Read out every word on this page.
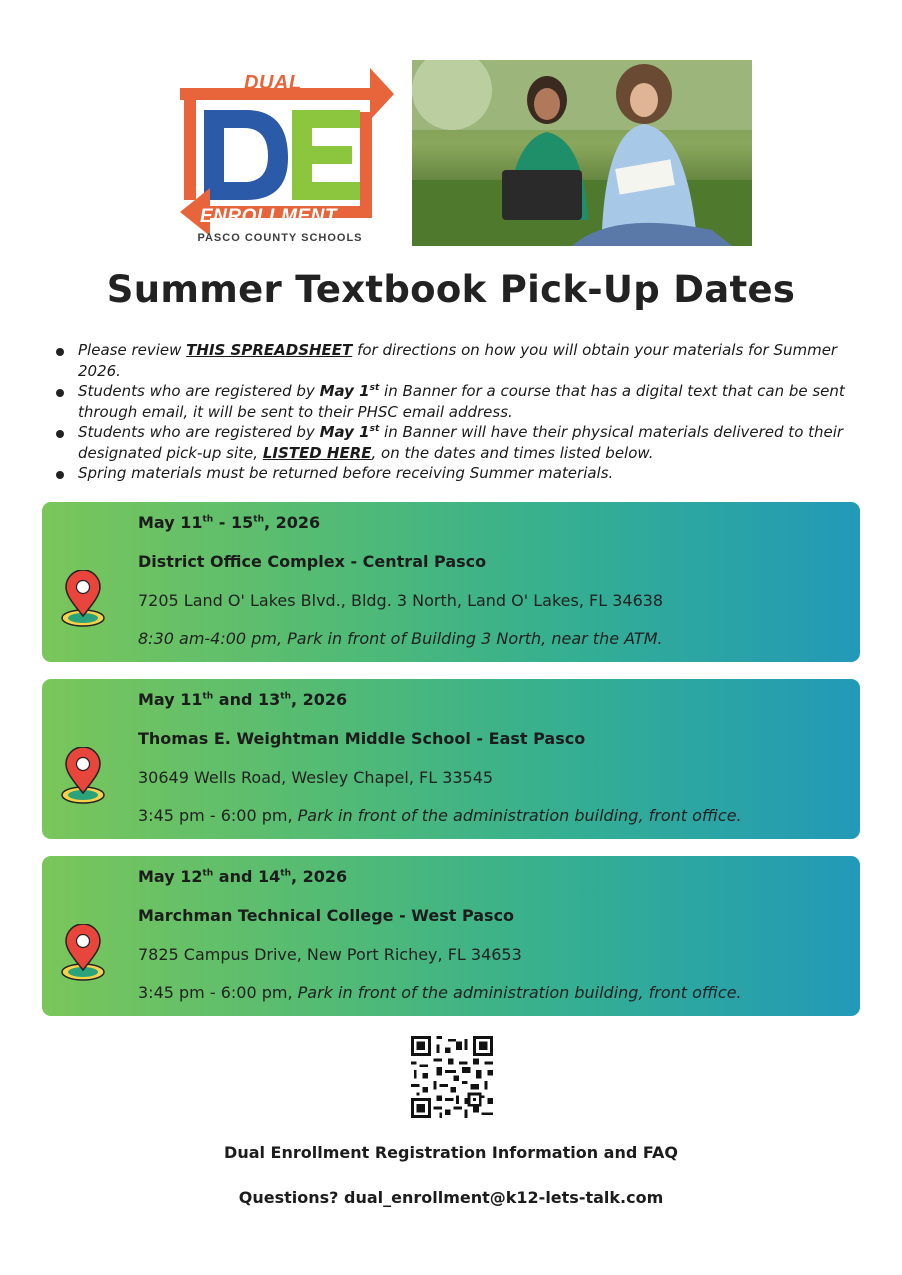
DUAL
ENROLLMENT
PASCO COUNTY SCHOOLS
Summer Textbook Pick-Up Dates
Please review THIS SPREADSHEET for directions on how you will obtain your materials for Summer 2026.
Students who are registered by May 1st in Banner for a course that has a digital text that can be sent through email, it will be sent to their PHSC email address.
Students who are registered by May 1st in Banner will have their physical materials delivered to their designated pick-up site, LISTED HERE, on the dates and times listed below.
Spring materials must be returned before receiving Summer materials.
May 11th - 15th, 2026
District Office Complex - Central Pasco
7205 Land O' Lakes Blvd., Bldg. 3 North, Land O' Lakes, FL 34638
8:30 am-4:00 pm, Park in front of Building 3 North, near the ATM.
May 11th and 13th, 2026
Thomas E. Weightman Middle School - East Pasco
30649 Wells Road, Wesley Chapel, FL 33545
3:45 pm - 6:00 pm, Park in front of the administration building, front office.
May 12th and 14th, 2026
Marchman Technical College - West Pasco
7825 Campus Drive, New Port Richey, FL 34653
3:45 pm - 6:00 pm, Park in front of the administration building, front office.
Dual Enrollment Registration Information and FAQ
Questions? dual_enrollment@k12-lets-talk.com
